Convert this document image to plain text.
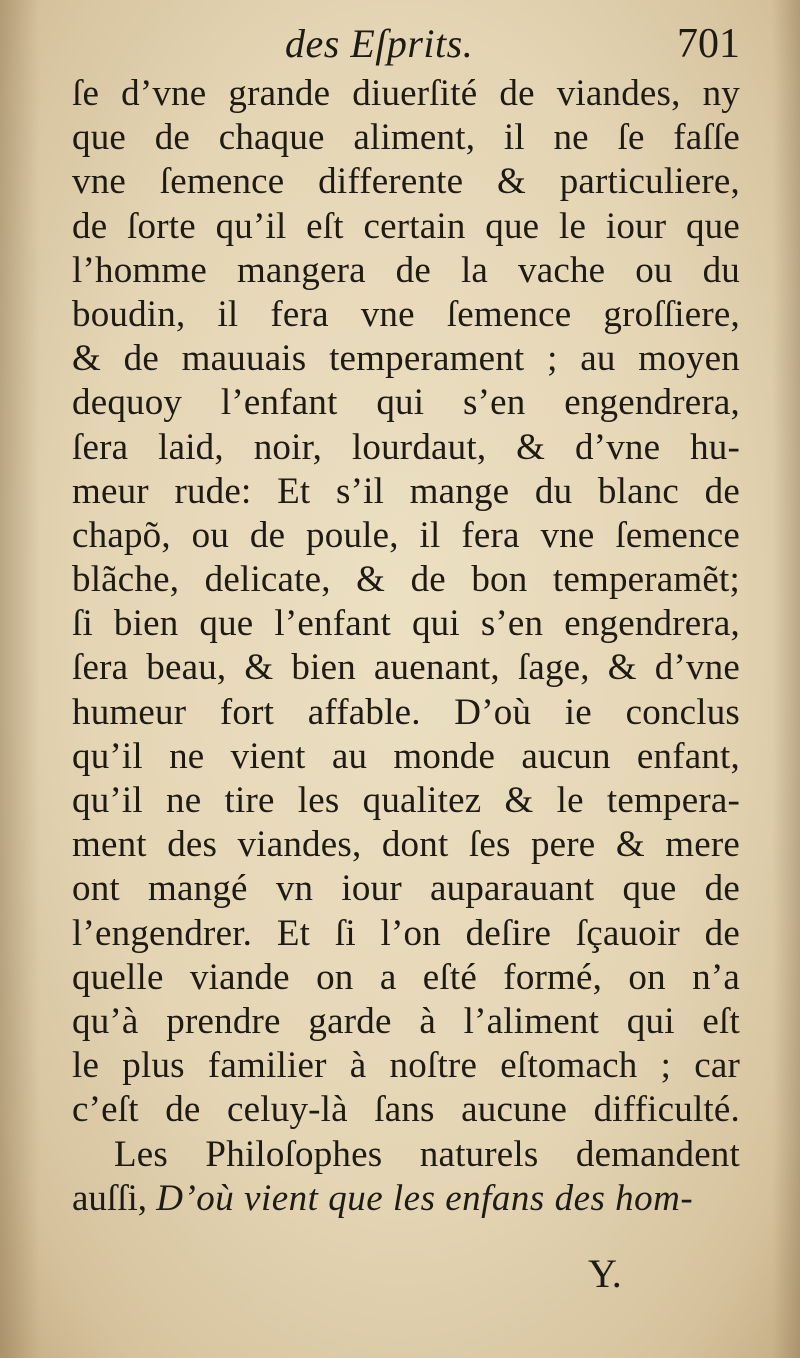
des Eſprits.	701
ſe d’vne grande diuerſité de viandes, ny
que de chaque aliment, il ne ſe faſſe
vne ſemence differente & particuliere,
de ſorte qu’il eſt certain que le iour que
l’homme mangera de la vache ou du
boudin, il fera vne ſemence groſſiere,
& de mauuais temperament ; au moyen
dequoy l’enfant qui s’en engendrera,
ſera laid, noir, lourdaut, & d’vne hu-
meur rude: Et s’il mange du blanc de
chapõ, ou de poule, il fera vne ſemence
blãche, delicate, & de bon temperamẽt;
ſi bien que l’enfant qui s’en engendrera,
ſera beau, & bien auenant, ſage, & d’vne
humeur fort affable. D’où ie conclus
qu’il ne vient au monde aucun enfant,
qu’il ne tire les qualitez & le tempera-
ment des viandes, dont ſes pere & mere
ont mangé vn iour auparauant que de
l’engendrer. Et ſi l’on deſire ſçauoir de
quelle viande on a eſté formé, on n’a
qu’à prendre garde à l’aliment qui eſt
le plus familier à noſtre eſtomach ; car
c’eſt de celuy-là ſans aucune difficulté.
Les Philoſophes naturels demandent
auſſi, D’où vient que les enfans des hom-
Y.
